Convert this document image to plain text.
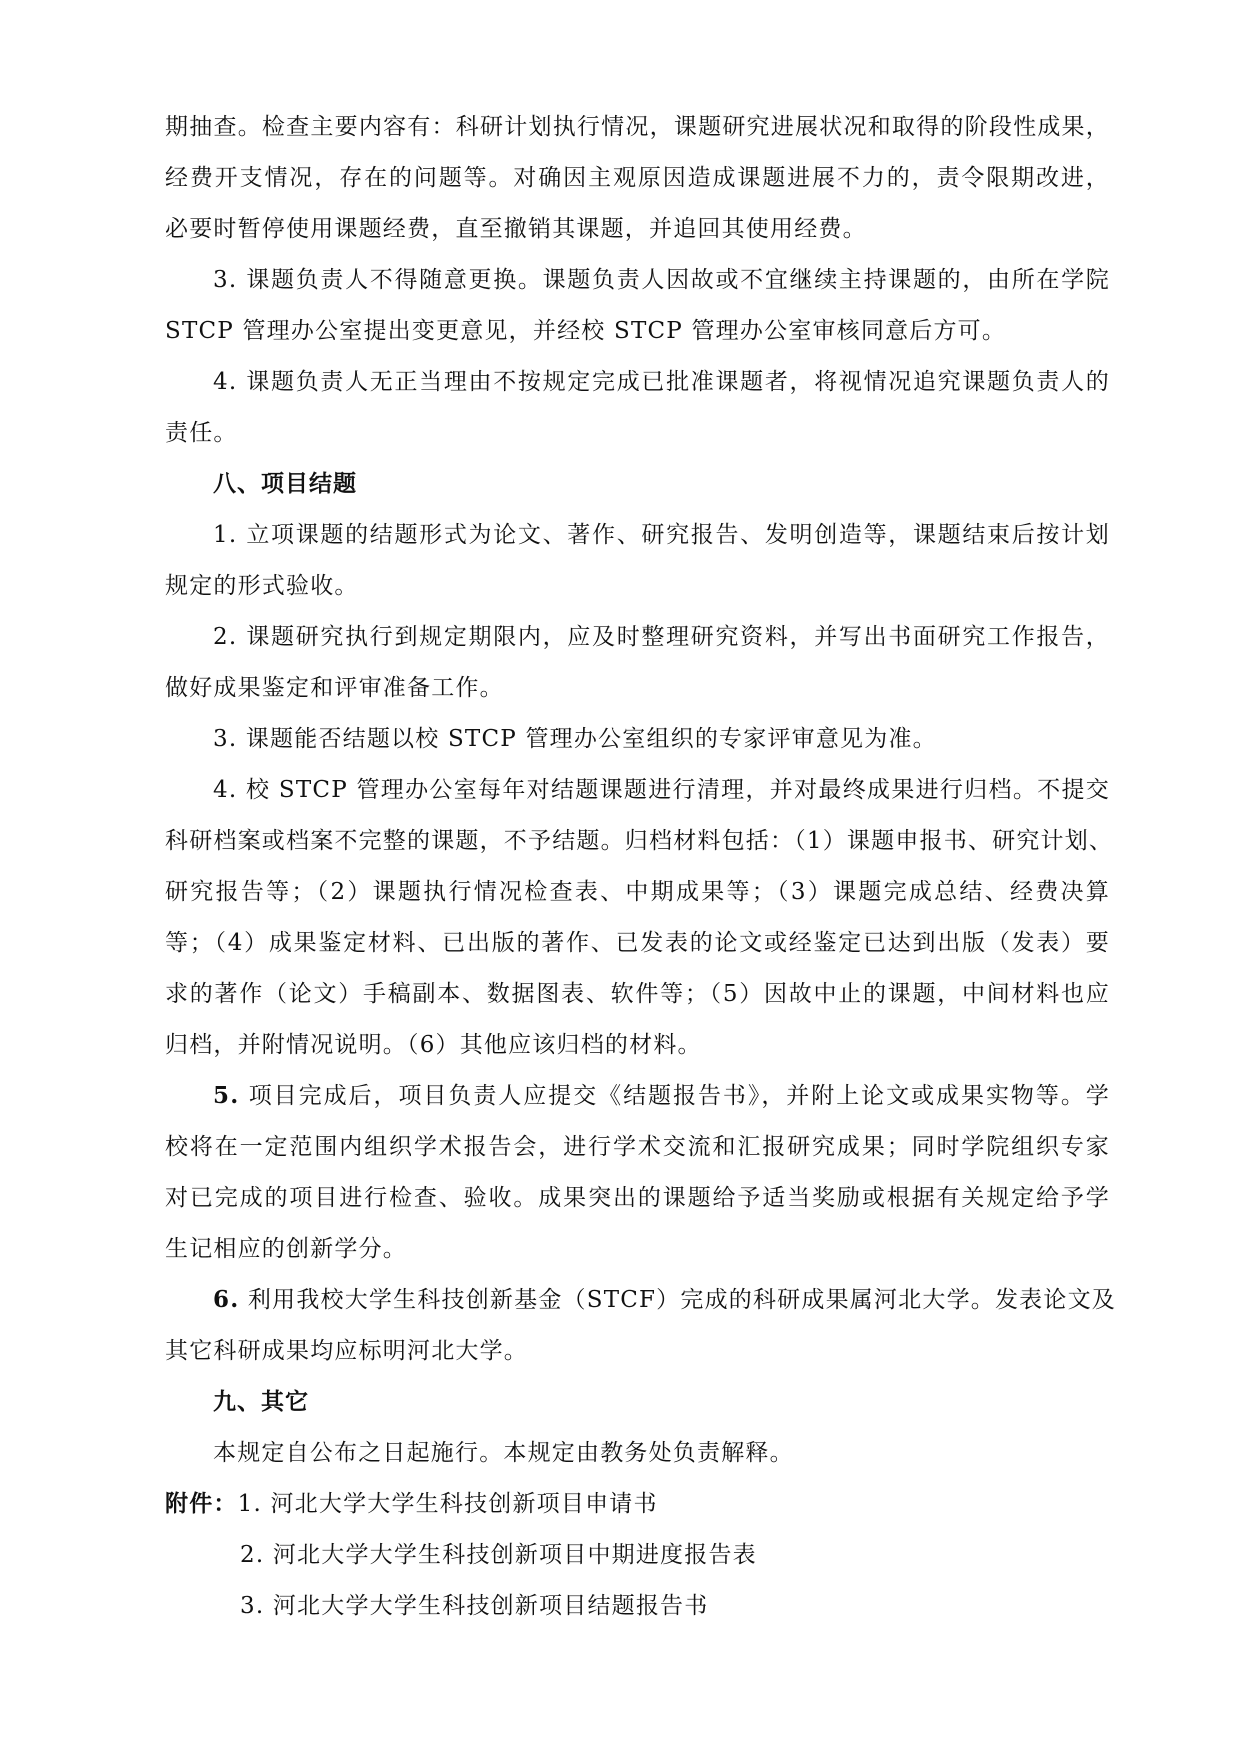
期抽查。检查主要内容有：科研计划执行情况，课题研究进展状况和取得的阶段性成果，

经费开支情况，存在的问题等。对确因主观原因造成课题进展不力的，责令限期改进，

必要时暂停使用课题经费，直至撤销其课题，并追回其使用经费。

3. 课题负责人不得随意更换。课题负责人因故或不宜继续主持课题的，由所在学院

STCP 管理办公室提出变更意见，并经校 STCP 管理办公室审核同意后方可。

4. 课题负责人无正当理由不按规定完成已批准课题者，将视情况追究课题负责人的

责任。

八、项目结题

1. 立项课题的结题形式为论文、著作、研究报告、发明创造等，课题结束后按计划

规定的形式验收。

2. 课题研究执行到规定期限内，应及时整理研究资料，并写出书面研究工作报告，

做好成果鉴定和评审准备工作。

3. 课题能否结题以校 STCP 管理办公室组织的专家评审意见为准。

4. 校 STCP 管理办公室每年对结题课题进行清理，并对最终成果进行归档。不提交

科研档案或档案不完整的课题，不予结题。归档材料包括：（1）课题申报书、研究计划、

研究报告等；（2）课题执行情况检查表、中期成果等；（3）课题完成总结、经费决算

等；（4）成果鉴定材料、已出版的著作、已发表的论文或经鉴定已达到出版（发表）要

求的著作（论文）手稿副本、数据图表、软件等；（5）因故中止的课题，中间材料也应

归档，并附情况说明。（6）其他应该归档的材料。

5. 项目完成后，项目负责人应提交《结题报告书》，并附上论文或成果实物等。学

校将在一定范围内组织学术报告会，进行学术交流和汇报研究成果；同时学院组织专家

对已完成的项目进行检查、验收。成果突出的课题给予适当奖励或根据有关规定给予学

生记相应的创新学分。

6. 利用我校大学生科技创新基金（STCF）完成的科研成果属河北大学。发表论文及

其它科研成果均应标明河北大学。

九、其它

本规定自公布之日起施行。本规定由教务处负责解释。

附件：1. 河北大学大学生科技创新项目申请书

2. 河北大学大学生科技创新项目中期进度报告表

3. 河北大学大学生科技创新项目结题报告书
